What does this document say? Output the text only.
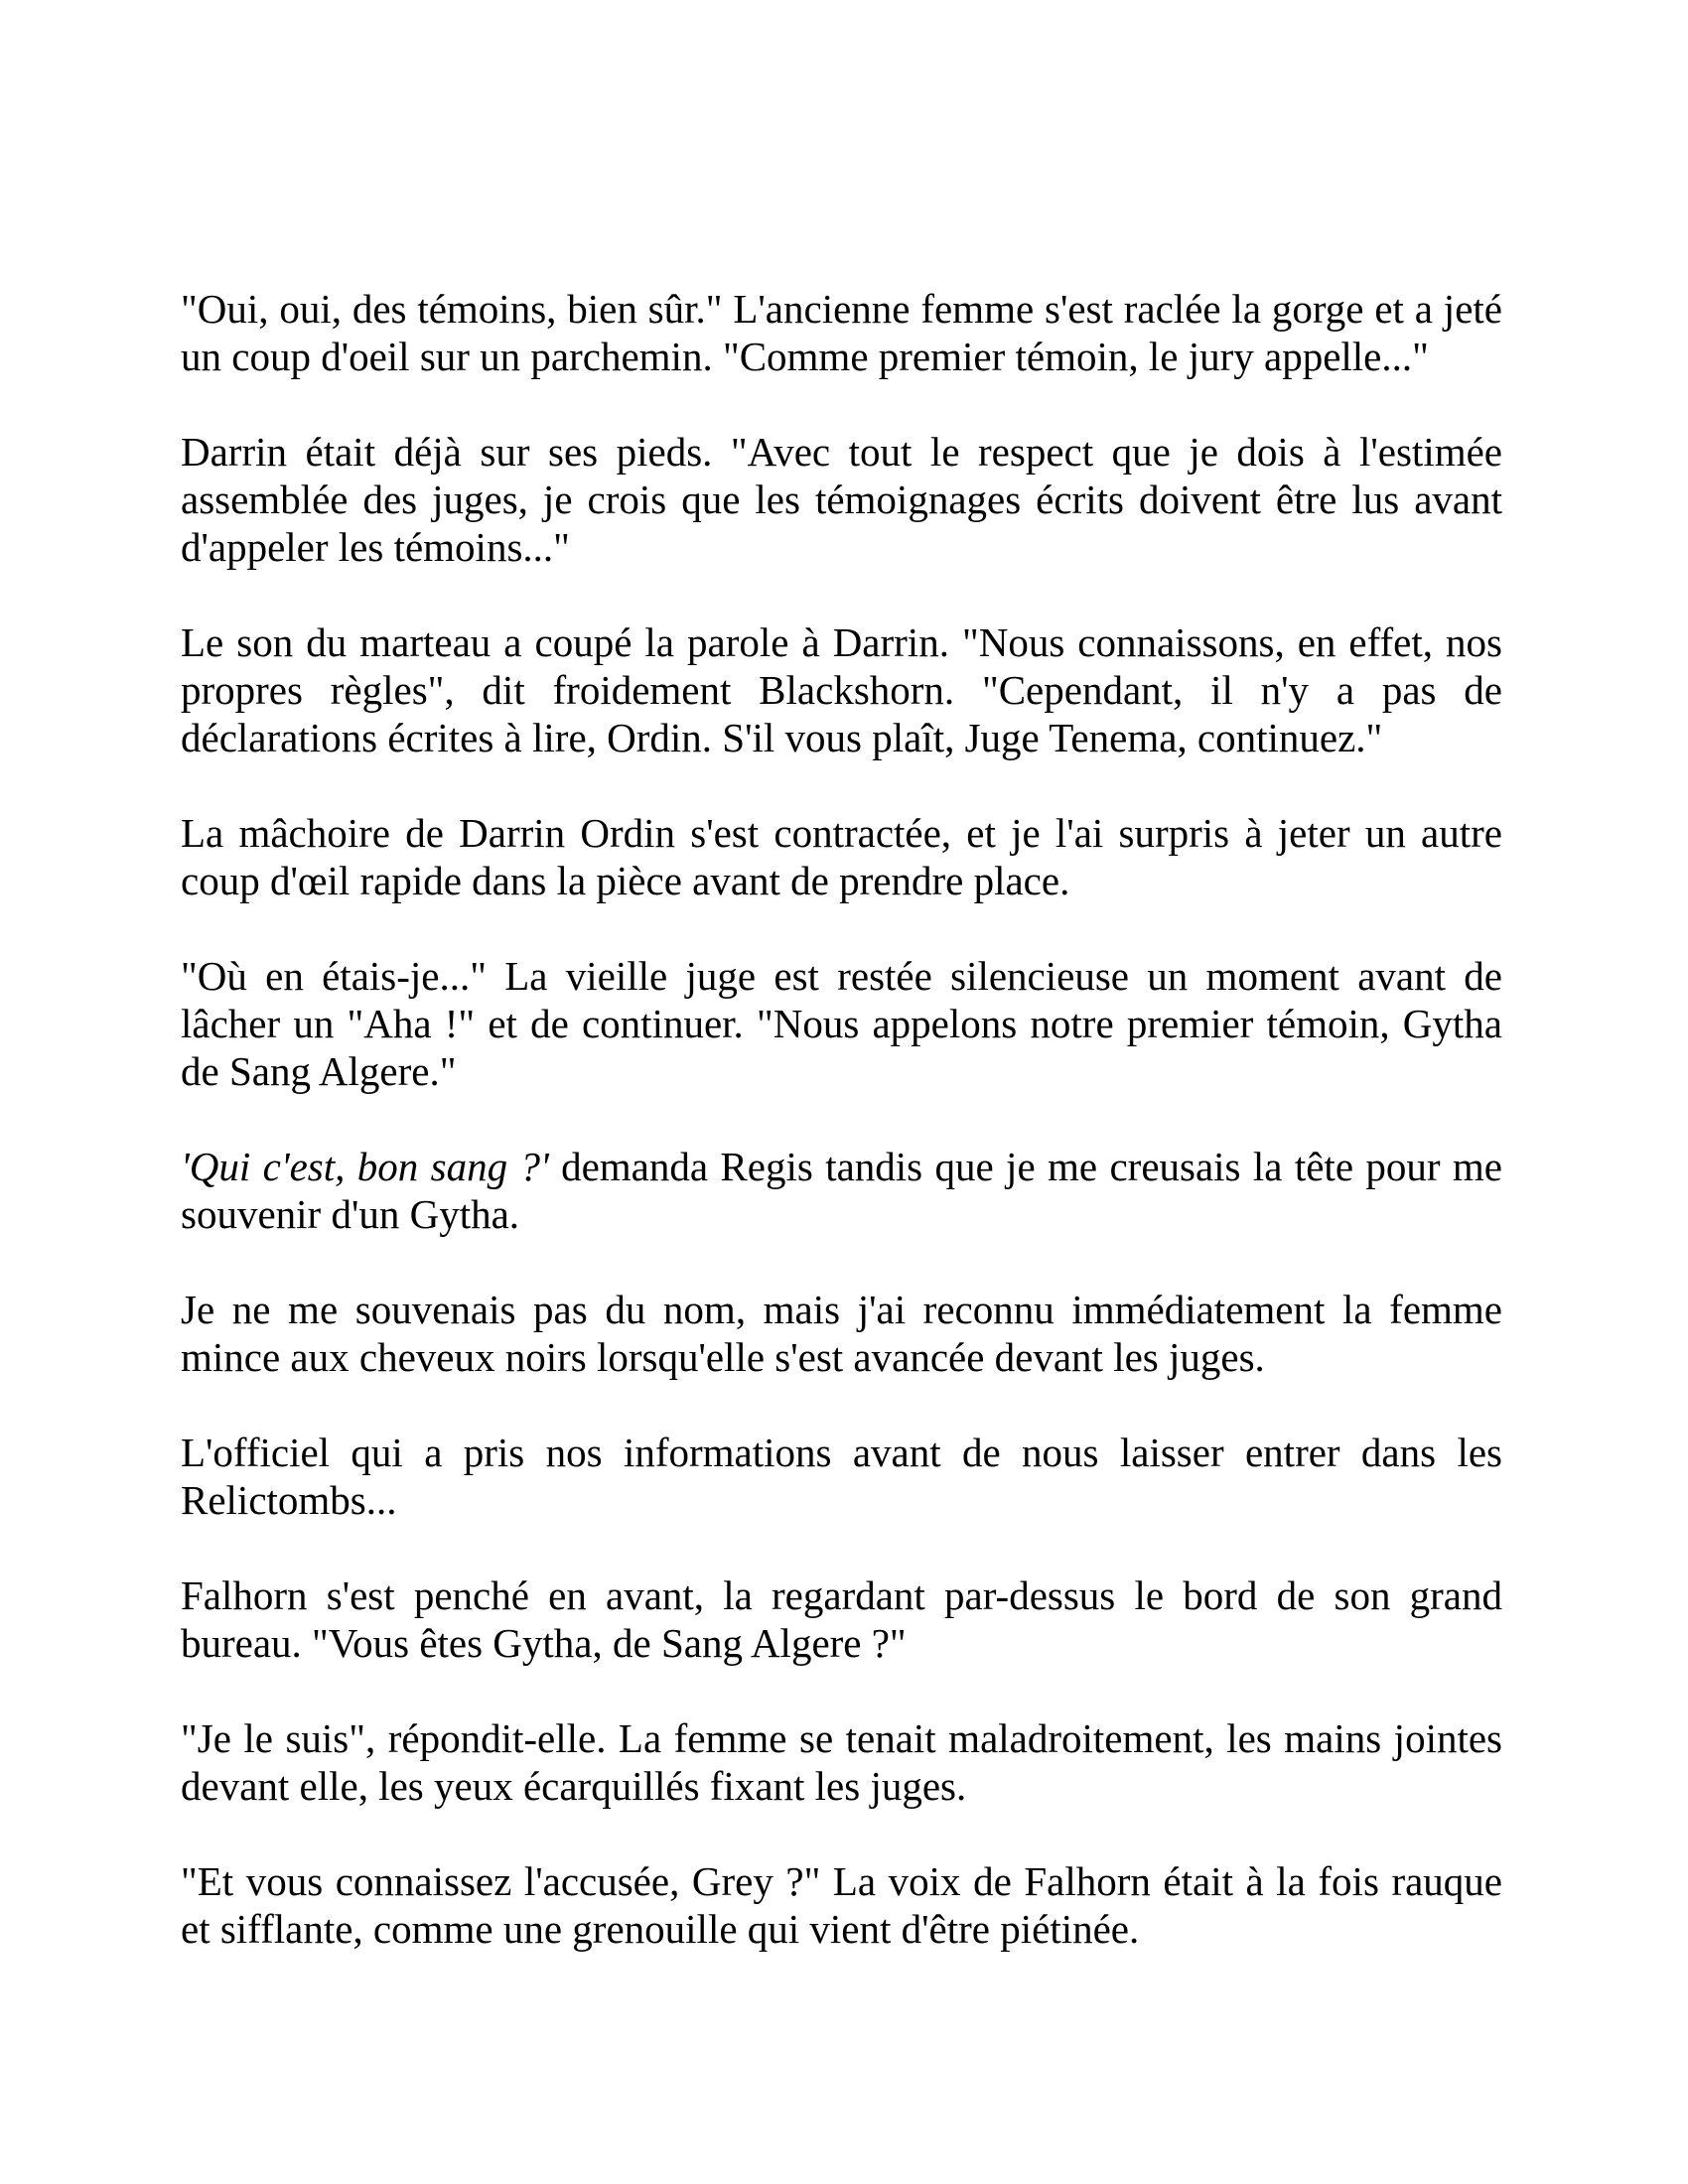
"Oui, oui, des témoins, bien sûr." L'ancienne femme s'est raclée la gorge et a jeté un coup d'oeil sur un parchemin. "Comme premier témoin, le jury appelle..."

Darrin était déjà sur ses pieds. "Avec tout le respect que je dois à l'estimée assemblée des juges, je crois que les témoignages écrits doivent être lus avant d'appeler les témoins..."

Le son du marteau a coupé la parole à Darrin. "Nous connaissons, en effet, nos propres règles", dit froidement Blackshorn. "Cependant, il n'y a pas de déclarations écrites à lire, Ordin. S'il vous plaît, Juge Tenema, continuez."

La mâchoire de Darrin Ordin s'est contractée, et je l'ai surpris à jeter un autre coup d'œil rapide dans la pièce avant de prendre place.

"Où en étais-je..." La vieille juge est restée silencieuse un moment avant de lâcher un "Aha !" et de continuer. "Nous appelons notre premier témoin, Gytha de Sang Algere."

'Qui c'est, bon sang ?' demanda Regis tandis que je me creusais la tête pour me souvenir d'un Gytha.

Je ne me souvenais pas du nom, mais j'ai reconnu immédiatement la femme mince aux cheveux noirs lorsqu'elle s'est avancée devant les juges.

L'officiel qui a pris nos informations avant de nous laisser entrer dans les Relictombs...

Falhorn s'est penché en avant, la regardant par-dessus le bord de son grand bureau. "Vous êtes Gytha, de Sang Algere ?"

"Je le suis", répondit-elle. La femme se tenait maladroitement, les mains jointes devant elle, les yeux écarquillés fixant les juges.

"Et vous connaissez l'accusée, Grey ?" La voix de Falhorn était à la fois rauque et sifflante, comme une grenouille qui vient d'être piétinée.
